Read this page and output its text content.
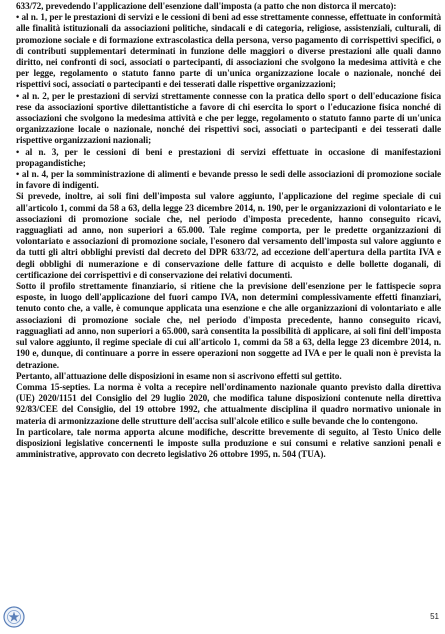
633/72, prevedendo l'applicazione dell'esenzione dall'imposta (a patto che non distorca il mercato):

• al n. 1, per le prestazioni di servizi e le cessioni di beni ad esse strettamente connesse, effettuate in conformità alle finalità istituzionali da associazioni politiche, sindacali e di categoria, religiose, assistenziali, culturali, di promozione sociale e di formazione extrascolastica della persona, verso pagamento di corrispettivi specifici, o di contributi supplementari determinati in funzione delle maggiori o diverse prestazioni alle quali danno diritto, nei confronti di soci, associati o partecipanti, di associazioni che svolgono la medesima attività e che per legge, regolamento o statuto fanno parte di un'unica organizzazione locale o nazionale, nonché dei rispettivi soci, associati o partecipanti e dei tesserati dalle rispettive organizzazioni;

• al n. 2, per le prestazioni di servizi strettamente connesse con la pratica dello sport o dell'educazione fisica rese da associazioni sportive dilettantistiche a favore di chi esercita lo sport o l'educazione fisica nonché di associazioni che svolgono la medesima attività e che per legge, regolamento o statuto fanno parte di un'unica organizzazione locale o nazionale, nonché dei rispettivi soci, associati o partecipanti e dei tesserati dalle rispettive organizzazioni nazionali;

• al n. 3, per le cessioni di beni e prestazioni di servizi effettuate in occasione di manifestazioni propagandistiche;

• al n. 4, per la somministrazione di alimenti e bevande presso le sedi delle associazioni di promozione sociale in favore di indigenti.

Si prevede, inoltre, ai soli fini dell'imposta sul valore aggiunto, l'applicazione del regime speciale di cui all'articolo 1, commi da 58 a 63, della legge 23 dicembre 2014, n. 190, per le organizzazioni di volontariato e le associazioni di promozione sociale che, nel periodo d'imposta precedente, hanno conseguito ricavi, ragguagliati ad anno, non superiori a 65.000. Tale regime comporta, per le predette organizzazioni di volontariato e associazioni di promozione sociale, l'esonero dal versamento dell'imposta sul valore aggiunto e da tutti gli altri obblighi previsti dal decreto del DPR 633/72, ad eccezione dell'apertura della partita IVA e degli obblighi di numerazione e di conservazione delle fatture di acquisto e delle bollette doganali, di certificazione dei corrispettivi e di conservazione dei relativi documenti.

Sotto il profilo strettamente finanziario, si ritiene che la previsione dell'esenzione per le fattispecie sopra esposte, in luogo dell'applicazione del fuori campo IVA, non determini complessivamente effetti finanziari, tenuto conto che, a valle, è comunque applicata una esenzione e che alle organizzazioni di volontariato e alle associazioni di promozione sociale che, nel periodo d'imposta precedente, hanno conseguito ricavi, ragguagliati ad anno, non superiori a 65.000, sarà consentita la possibilità di applicare, ai soli fini dell'imposta sul valore aggiunto, il regime speciale di cui all'articolo 1, commi da 58 a 63, della legge 23 dicembre 2014, n. 190 e, dunque, di continuare a porre in essere operazioni non soggette ad IVA e per le quali non è prevista la detrazione.

Pertanto, all'attuazione delle disposizioni in esame non si ascrivono effetti sul gettito.

Comma 15-septies. La norma è volta a recepire nell'ordinamento nazionale quanto previsto dalla direttiva (UE) 2020/1151 del Consiglio del 29 luglio 2020, che modifica talune disposizioni contenute nella direttiva 92/83/CEE del Consiglio, del 19 ottobre 1992, che attualmente disciplina il quadro normativo unionale in materia di armonizzazione delle strutture dell'accisa sull'alcole etilico e sulle bevande che lo contengono.

In particolare, tale norma apporta alcune modifiche, descritte brevemente di seguito, al Testo Unico delle disposizioni legislative concernenti le imposte sulla produzione e sui consumi e relative sanzioni penali e amministrative, approvato con decreto legislativo 26 ottobre 1995, n. 504 (TUA).

51
